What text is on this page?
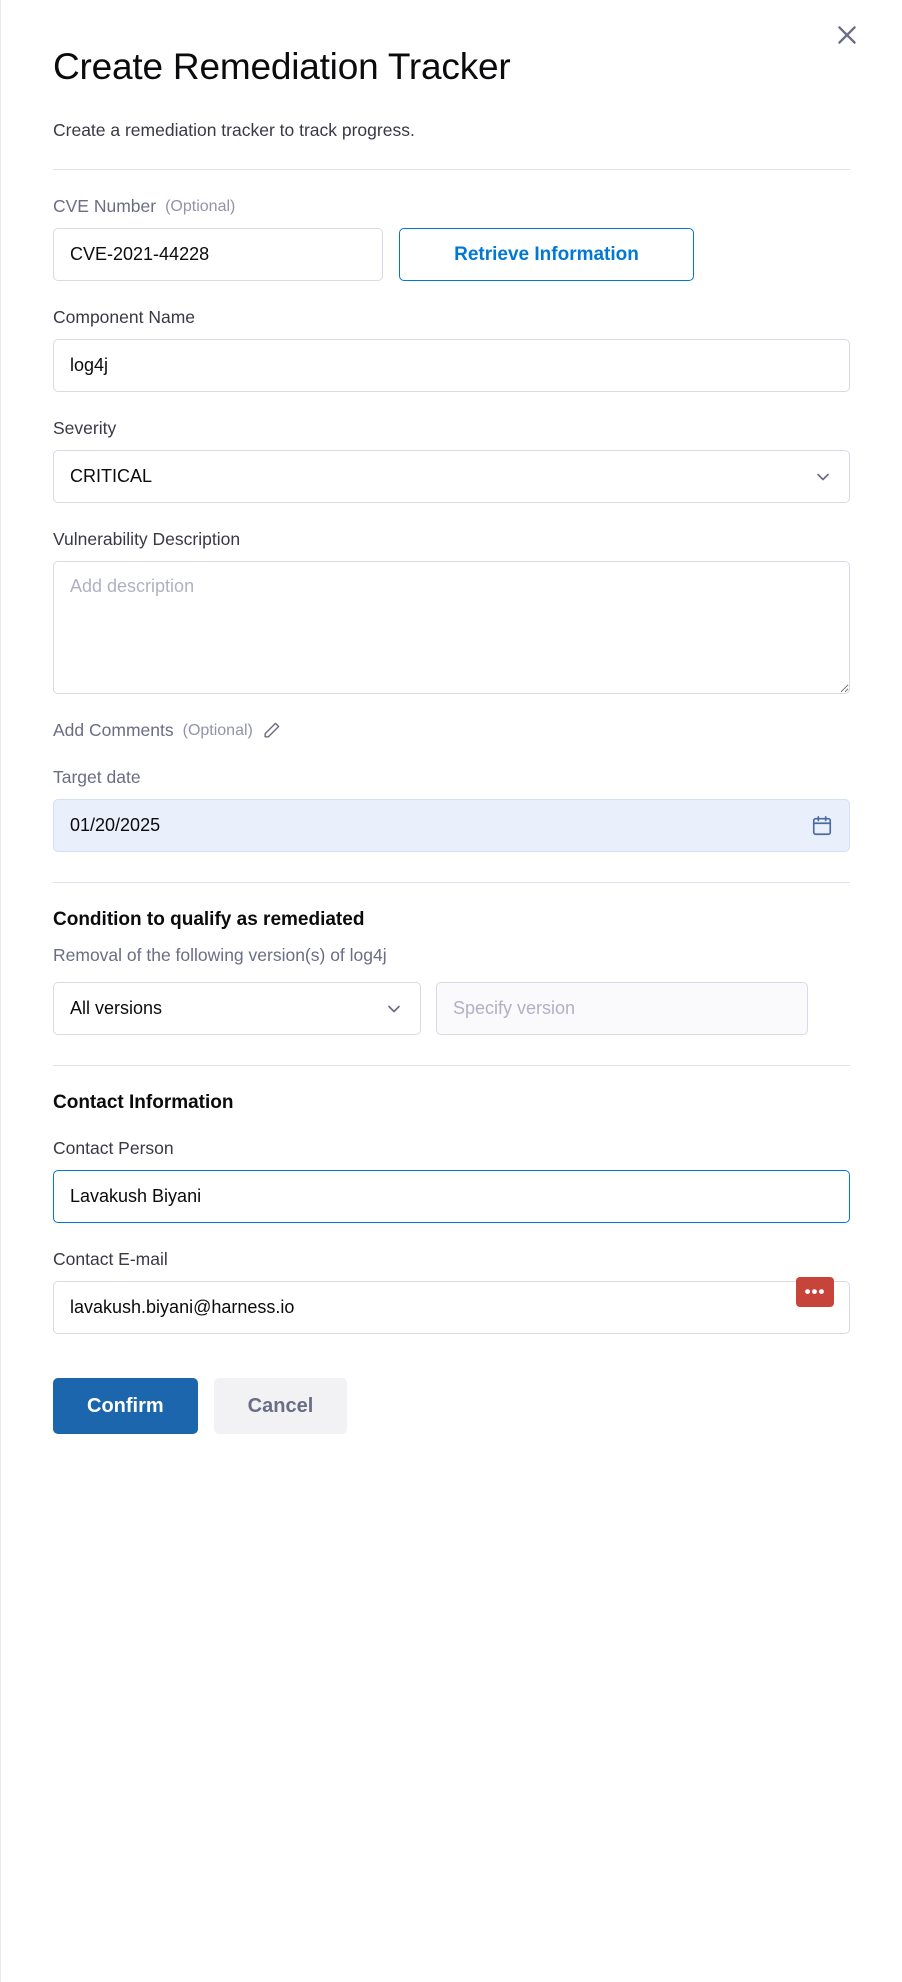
Create Remediation Tracker

Create a remediation tracker to track progress.

CVE Number (Optional)
CVE-2021-44228	Retrieve Information
Component Name
log4j
Severity
CRITICAL
Vulnerability Description
Add description
Add Comments (Optional)
Target date
01/20/2025
Condition to qualify as remediated
Removal of the following version(s) of log4j
All versions	Specify version
Contact Information
Contact Person
Lavakush Biyani
Contact E-mail
lavakush.biyani@harness.io
•••
Confirm	Cancel
